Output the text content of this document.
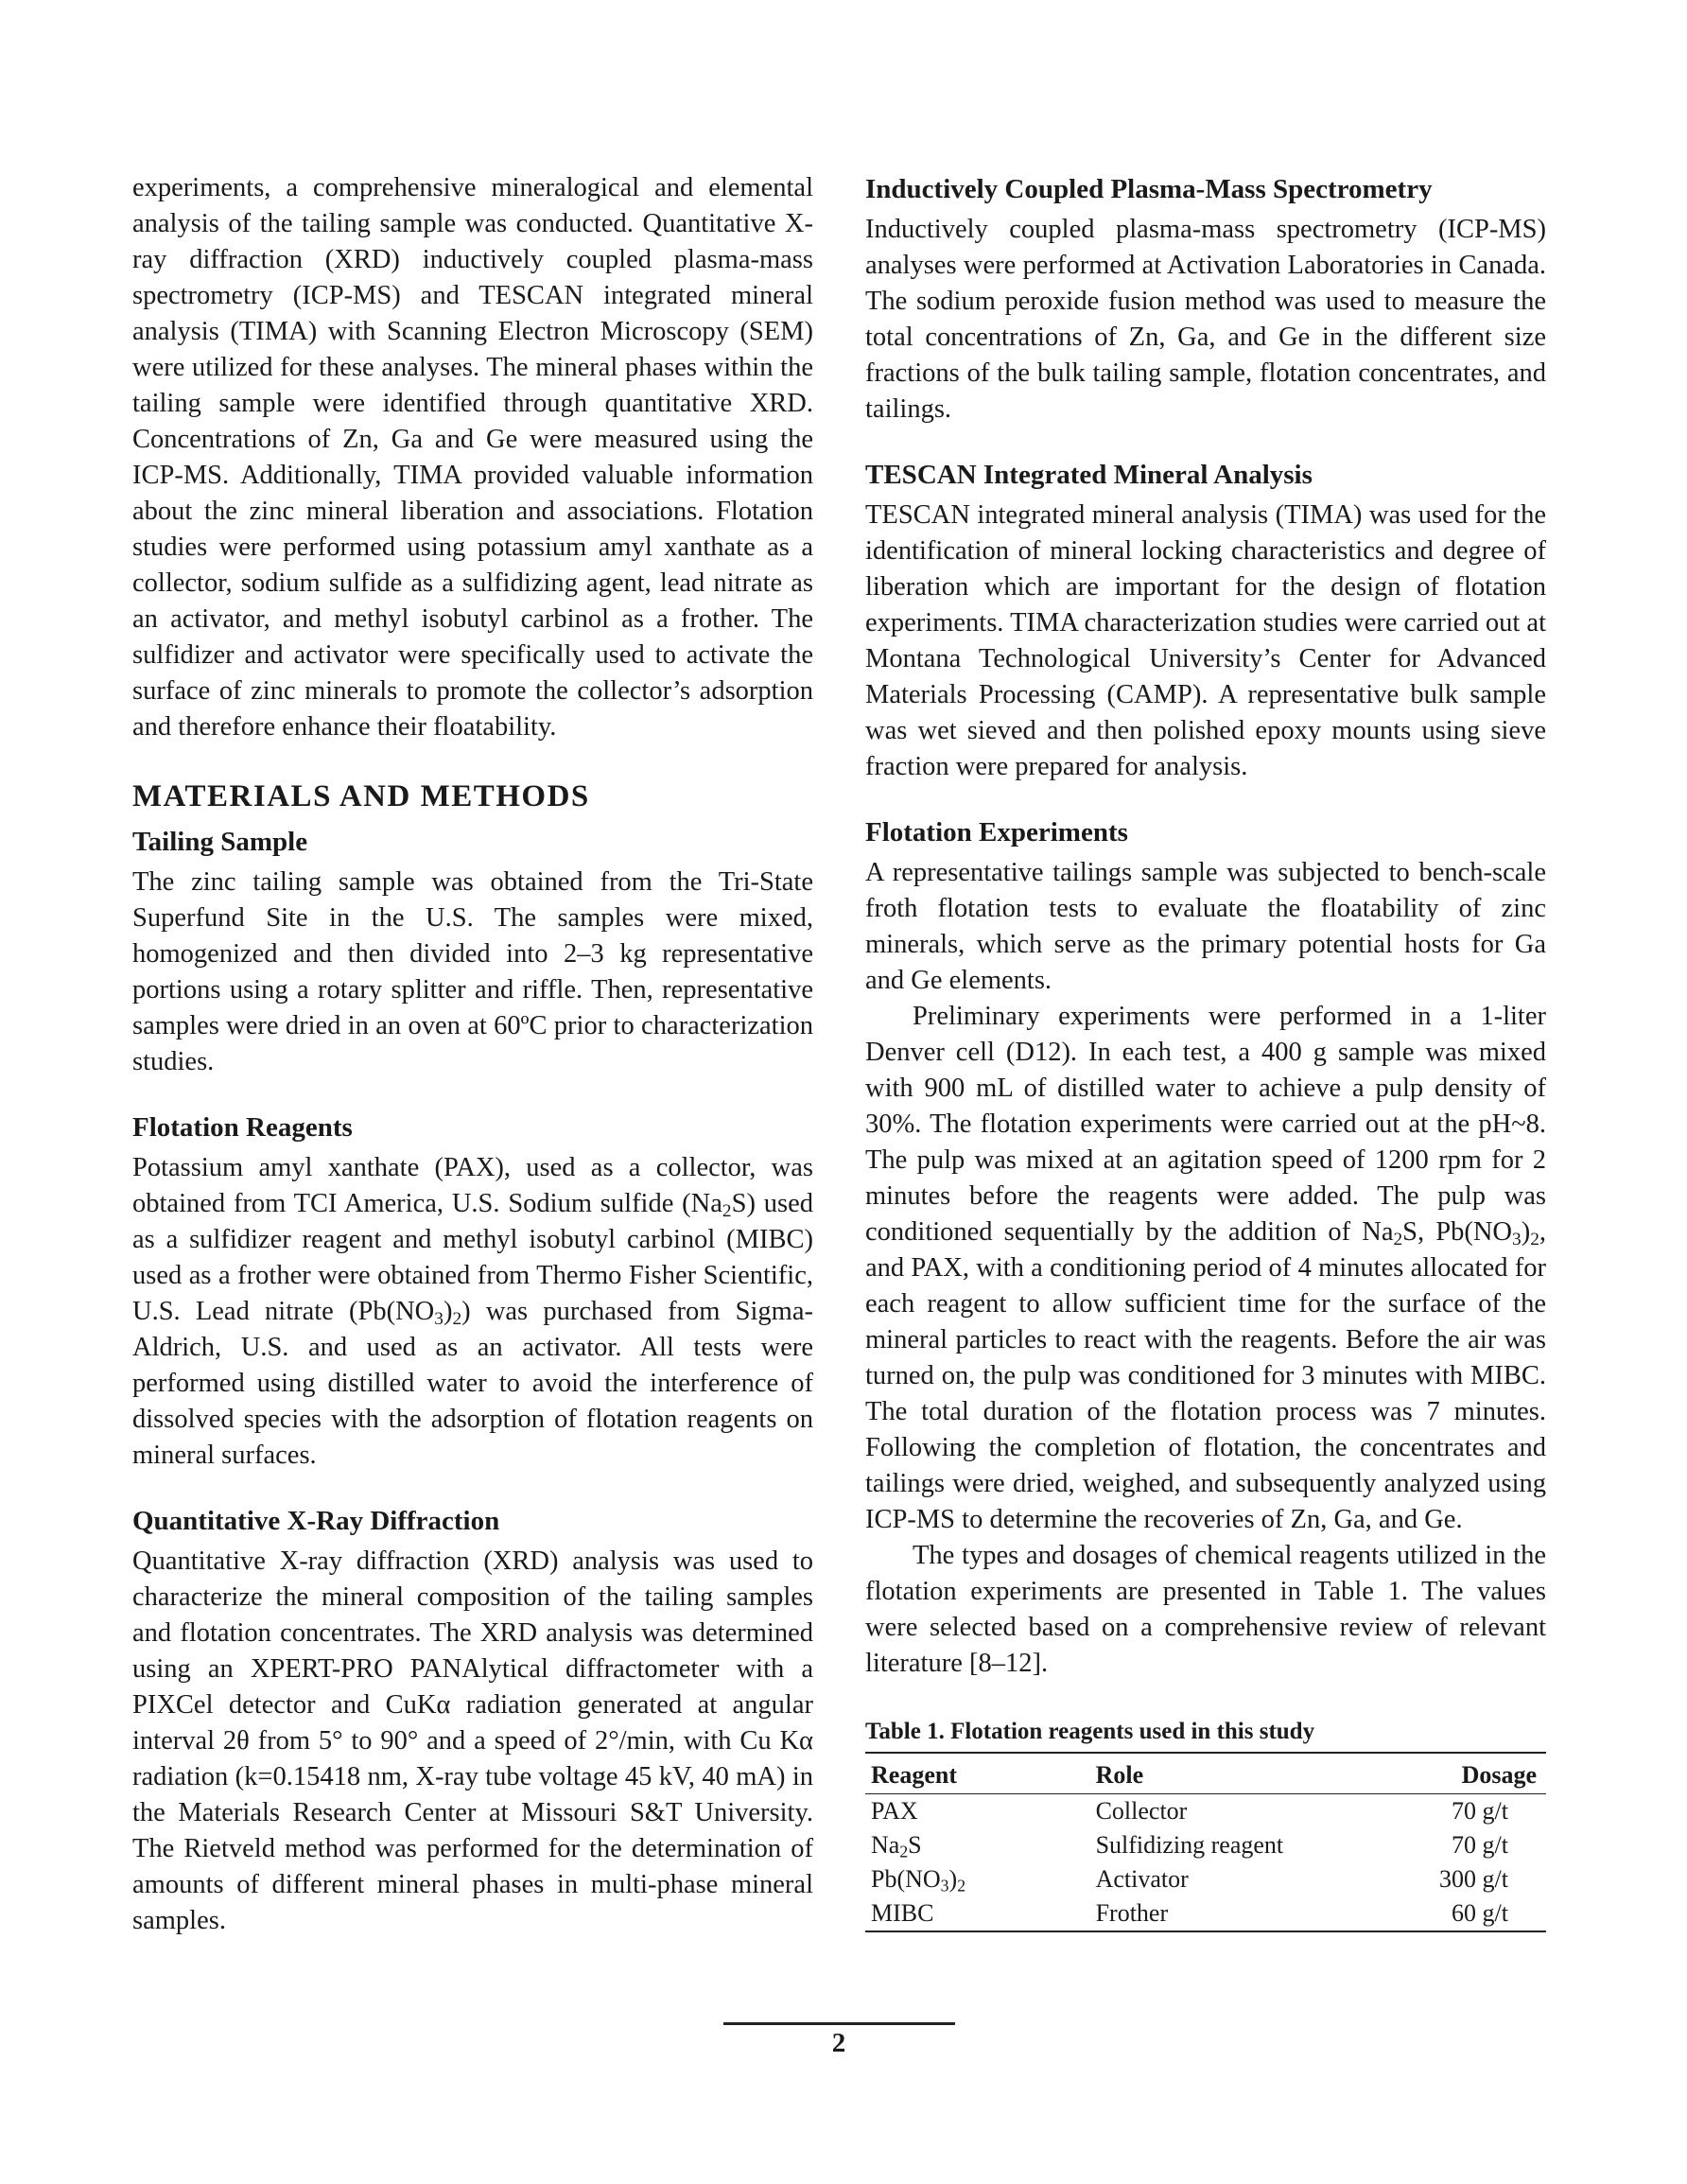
experiments, a comprehensive mineralogical and elemental analysis of the tailing sample was conducted. Quantitative X-ray diffraction (XRD) inductively coupled plasma-mass spectrometry (ICP-MS) and TESCAN integrated mineral analysis (TIMA) with Scanning Electron Microscopy (SEM) were utilized for these analyses. The mineral phases within the tailing sample were identified through quantitative XRD. Concentrations of Zn, Ga and Ge were measured using the ICP-MS. Additionally, TIMA provided valuable information about the zinc mineral liberation and associations. Flotation studies were performed using potassium amyl xanthate as a collector, sodium sulfide as a sulfidizing agent, lead nitrate as an activator, and methyl isobutyl carbinol as a frother. The sulfidizer and activator were specifically used to activate the surface of zinc minerals to promote the collector’s adsorption and therefore enhance their floatability.

MATERIALS AND METHODS
Tailing Sample

The zinc tailing sample was obtained from the Tri-State Superfund Site in the U.S. The samples were mixed, homogenized and then divided into 2–3 kg representative portions using a rotary splitter and riffle. Then, representative samples were dried in an oven at 60ºC prior to characterization studies.

Flotation Reagents

Potassium amyl xanthate (PAX), used as a collector, was obtained from TCI America, U.S. Sodium sulfide $(Na_2S)$ used as a sulfidizer reagent and methyl isobutyl carbinol (MIBC) used as a frother were obtained from Thermo Fisher Scientific, U.S. Lead nitrate $(Pb(NO_3)_2)$ was purchased from Sigma-Aldrich, U.S. and used as an activator. All tests were performed using distilled water to avoid the interference of dissolved species with the adsorption of flotation reagents on mineral surfaces.

Quantitative X-Ray Diffraction

Quantitative X-ray diffraction (XRD) analysis was used to characterize the mineral composition of the tailing samples and flotation concentrates. The XRD analysis was determined using an XPERT-PRO PANAlytical diffractometer with a PIXCel detector and CuKα radiation generated at angular interval 2θ from 5° to 90° and a speed of 2°/min, with Cu Kα radiation (k=0.15418 nm, X-ray tube voltage 45 kV, 40 mA) in the Materials Research Center at Missouri S&T University. The Rietveld method was performed for the determination of amounts of different mineral phases in multi-phase mineral samples.

Inductively Coupled Plasma-Mass Spectrometry

Inductively coupled plasma-mass spectrometry (ICP-MS) analyses were performed at Activation Laboratories in Canada. The sodium peroxide fusion method was used to measure the total concentrations of Zn, Ga, and Ge in the different size fractions of the bulk tailing sample, flotation concentrates, and tailings.

TESCAN Integrated Mineral Analysis

TESCAN integrated mineral analysis (TIMA) was used for the identification of mineral locking characteristics and degree of liberation which are important for the design of flotation experiments. TIMA characterization studies were carried out at Montana Technological University’s Center for Advanced Materials Processing (CAMP). A representative bulk sample was wet sieved and then polished epoxy mounts using sieve fraction were prepared for analysis.

Flotation Experiments

A representative tailings sample was subjected to bench-scale froth flotation tests to evaluate the floatability of zinc minerals, which serve as the primary potential hosts for Ga and Ge elements.

Preliminary experiments were performed in a 1-liter Denver cell (D12). In each test, a 400 g sample was mixed with 900 mL of distilled water to achieve a pulp density of 30%. The flotation experiments were carried out at the pH~8. The pulp was mixed at an agitation speed of 1200 rpm for 2 minutes before the reagents were added. The pulp was conditioned sequentially by the addition of $Na_2S$, $Pb(NO_3)_2$, and PAX, with a conditioning period of 4 minutes allocated for each reagent to allow sufficient time for the surface of the mineral particles to react with the reagents. Before the air was turned on, the pulp was conditioned for 3 minutes with MIBC. The total duration of the flotation process was 7 minutes. Following the completion of flotation, the concentrates and tailings were dried, weighed, and subsequently analyzed using ICP-MS to determine the recoveries of Zn, Ga, and Ge.

The types and dosages of chemical reagents utilized in the flotation experiments are presented in Table 1. The values were selected based on a comprehensive review of relevant literature [8–12].

Table 1. Flotation reagents used in this study
Reagent	Role	Dosage
PAX	Collector	70 g/t
$Na_2S$	Sulfidizing reagent	70 g/t
$Pb(NO_3)_2$	Activator	300 g/t
MIBC	Frother	60 g/t
2
